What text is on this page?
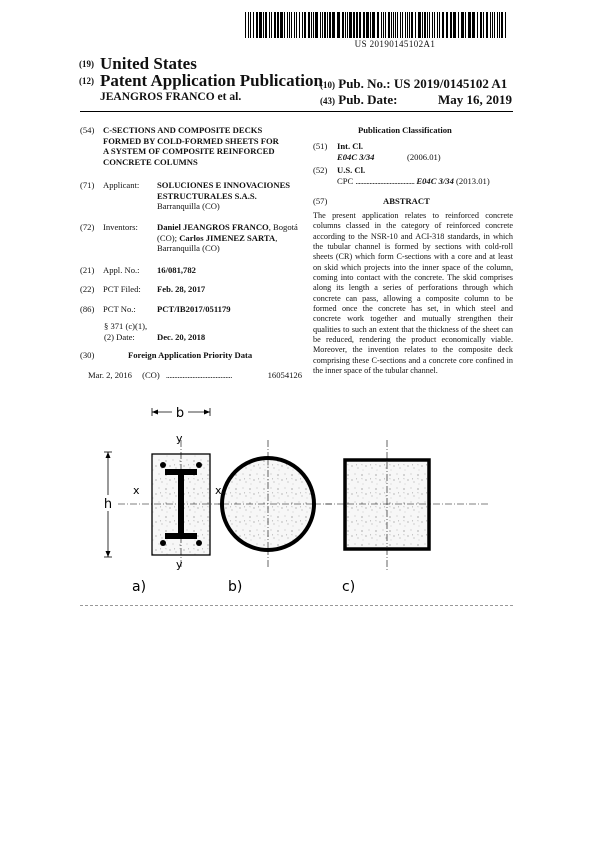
US 20190145102A1
(19) United States
(12) Patent Application Publication
JEANGROS FRANCO et al.
(10) Pub. No.: US 2019/0145102 A1
(43) Pub. Date:	May 16, 2019
(54) C-SECTIONS AND COMPOSITE DECKS
FORMED BY COLD-FORMED SHEETS FOR
A SYSTEM OF COMPOSITE REINFORCED
CONCRETE COLUMNS
(71) Applicant: SOLUCIONES E INNOVACIONES
ESTRUCTURALES S.A.S.
Barranquilla (CO)
(72) Inventors: Daniel JEANGROS FRANCO, Bogotá
(CO); Carlos JIMENEZ SARTA,
Barranquilla (CO)
(21) Appl. No.: 16/081,782
(22) PCT Filed: Feb. 28, 2017
(86) PCT No.: PCT/IB2017/051179
§ 371 (c)(1),
(2) Date:	Dec. 20, 2018
(30)	Foreign Application Priority Data
Mar. 2, 2016 (CO) ........................................	16054126
Publication Classification
(51) Int. Cl.
E04C 3/34	(2006.01)
(52) U.S. Cl.
CPC ...................................... E04C 3/34 (2013.01)
(57)	ABSTRACT
The present application relates to reinforced concrete columns classed in the category of reinforced concrete according to the NSR-10 and ACI-318 standards, in which the tubular channel is formed by sections with cold-roll sheets (CR) which form C-sections with a core and at least on skid which projects into the inner space of the column, coming into contact with the concrete. The skid comprises along its length a series of perforations through which concrete can pass, allowing a composite column to be formed once the concrete has set, in which steel and concrete work together and mutually strengthen their qualities to such an extent that the thickness of the sheet can be reduced, rendering the product economically viable. Moreover, the invention relates to the composite deck comprising these C-sections and a concrete core confined in the inner space of the tubular channel.
b
h
x	x
y
y
a)	b)	c)
